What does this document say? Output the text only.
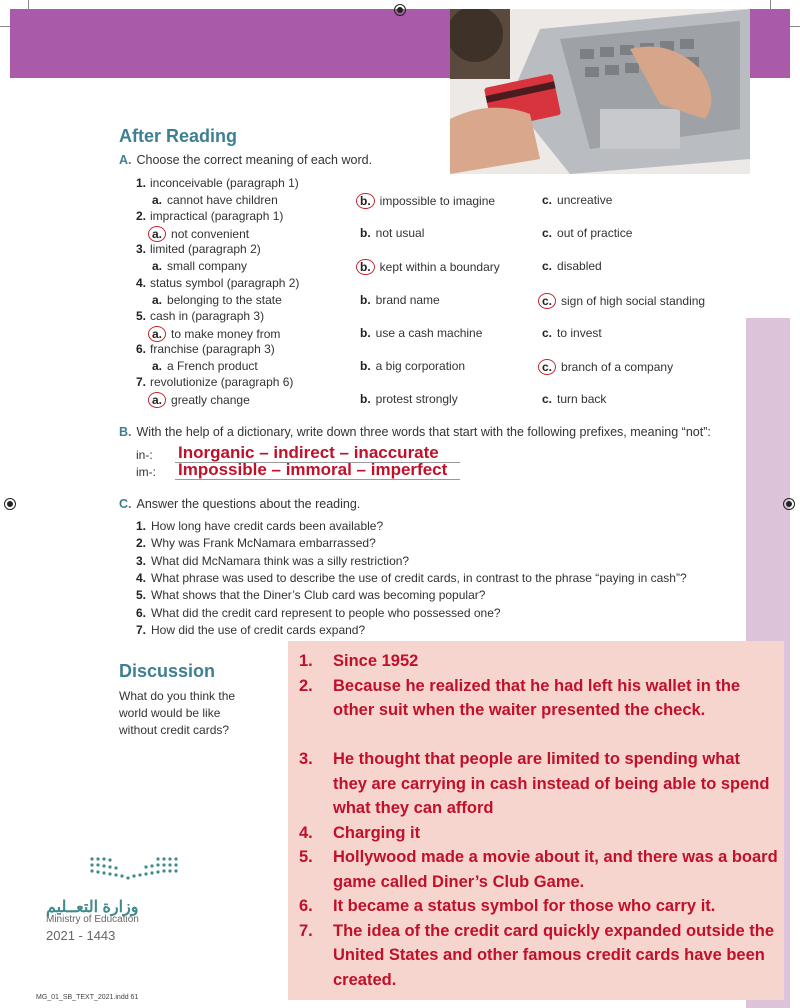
After Reading
A. Choose the correct meaning of each word.
1. inconceivable (paragraph 1)
a. cannot have children	b. impossible to imagine	c. uncreative
2. impractical (paragraph 1)
a. not convenient	b. not usual	c. out of practice
3. limited (paragraph 2)
a. small company	b. kept within a boundary	c. disabled
4. status symbol (paragraph 2)
a. belonging to the state	b. brand name	c. sign of high social standing
5. cash in (paragraph 3)
a. to make money from	b. use a cash machine	c. to invest
6. franchise (paragraph 3)
a. a French product	b. a big corporation	c. branch of a company
7. revolutionize (paragraph 6)
a. greatly change	b. protest strongly	c. turn back
B. With the help of a dictionary, write down three words that start with the following prefixes, meaning “not”:
in-: Inorganic – indirect – inaccurate
im-: Impossible – immoral – imperfect
C. Answer the questions about the reading.
1. How long have credit cards been available?
2. Why was Frank McNamara embarrassed?
3. What did McNamara think was a silly restriction?
4. What phrase was used to describe the use of credit cards, in contrast to the phrase “paying in cash”?
5. What shows that the Diner’s Club card was becoming popular?
6. What did the credit card represent to people who possessed one?
7. How did the use of credit cards expand?
Discussion
What do you think the world would be like without credit cards?
1. Since 1952
2. Because he realized that he had left his wallet in the other suit when the waiter presented the check.
3. He thought that people are limited to spending what they are carrying in cash instead of being able to spend what they can afford
4. Charging it
5. Hollywood made a movie about it, and there was a board game called Diner’s Club Game.
6. It became a status symbol for those who carry it.
7. The idea of the credit card quickly expanded outside the United States and other famous credit cards have been created.
وزارة التعــليم
Ministry of Education
2021 - 1443
MG_01_SB_TEXT_2021.indd 61
